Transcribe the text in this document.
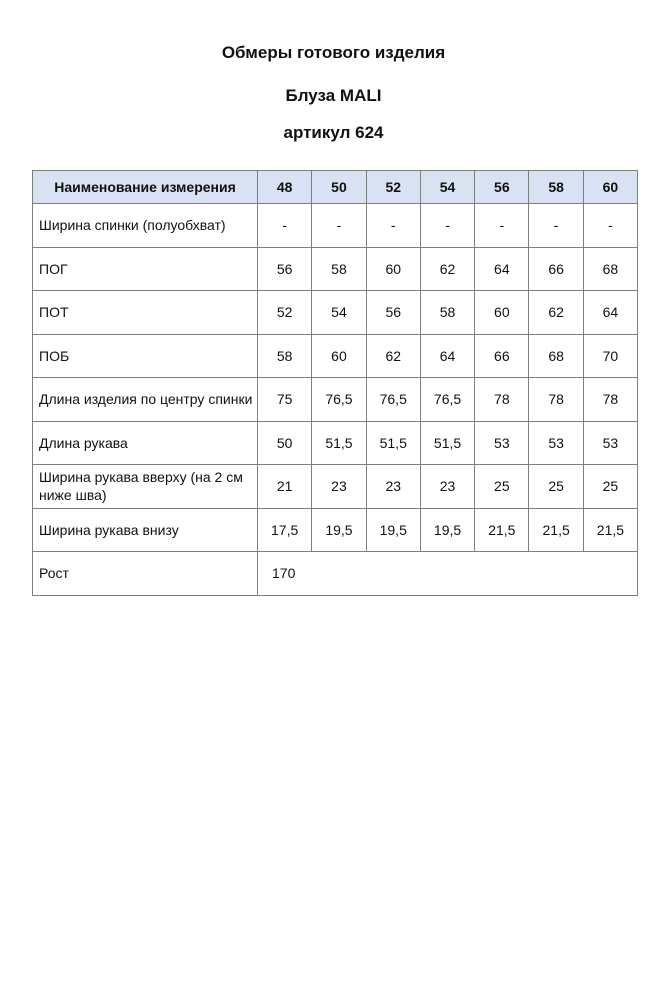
Обмеры готового изделия
Блуза MALI
артикул 624
Наименование измерения	48	50	52	54	56	58	60
Ширина спинки (полуобхват)	-	-	-	-	-	-	-
ПОГ	56	58	60	62	64	66	68
ПОТ	52	54	56	58	60	62	64
ПОБ	58	60	62	64	66	68	70
Длина изделия по центру спинки	75	76,5	76,5	76,5	78	78	78
Длина рукава	50	51,5	51,5	51,5	53	53	53
Ширина рукава вверху (на 2 см ниже шва)	21	23	23	23	25	25	25
Ширина рукава внизу	17,5	19,5	19,5	19,5	21,5	21,5	21,5
Рост	170						
